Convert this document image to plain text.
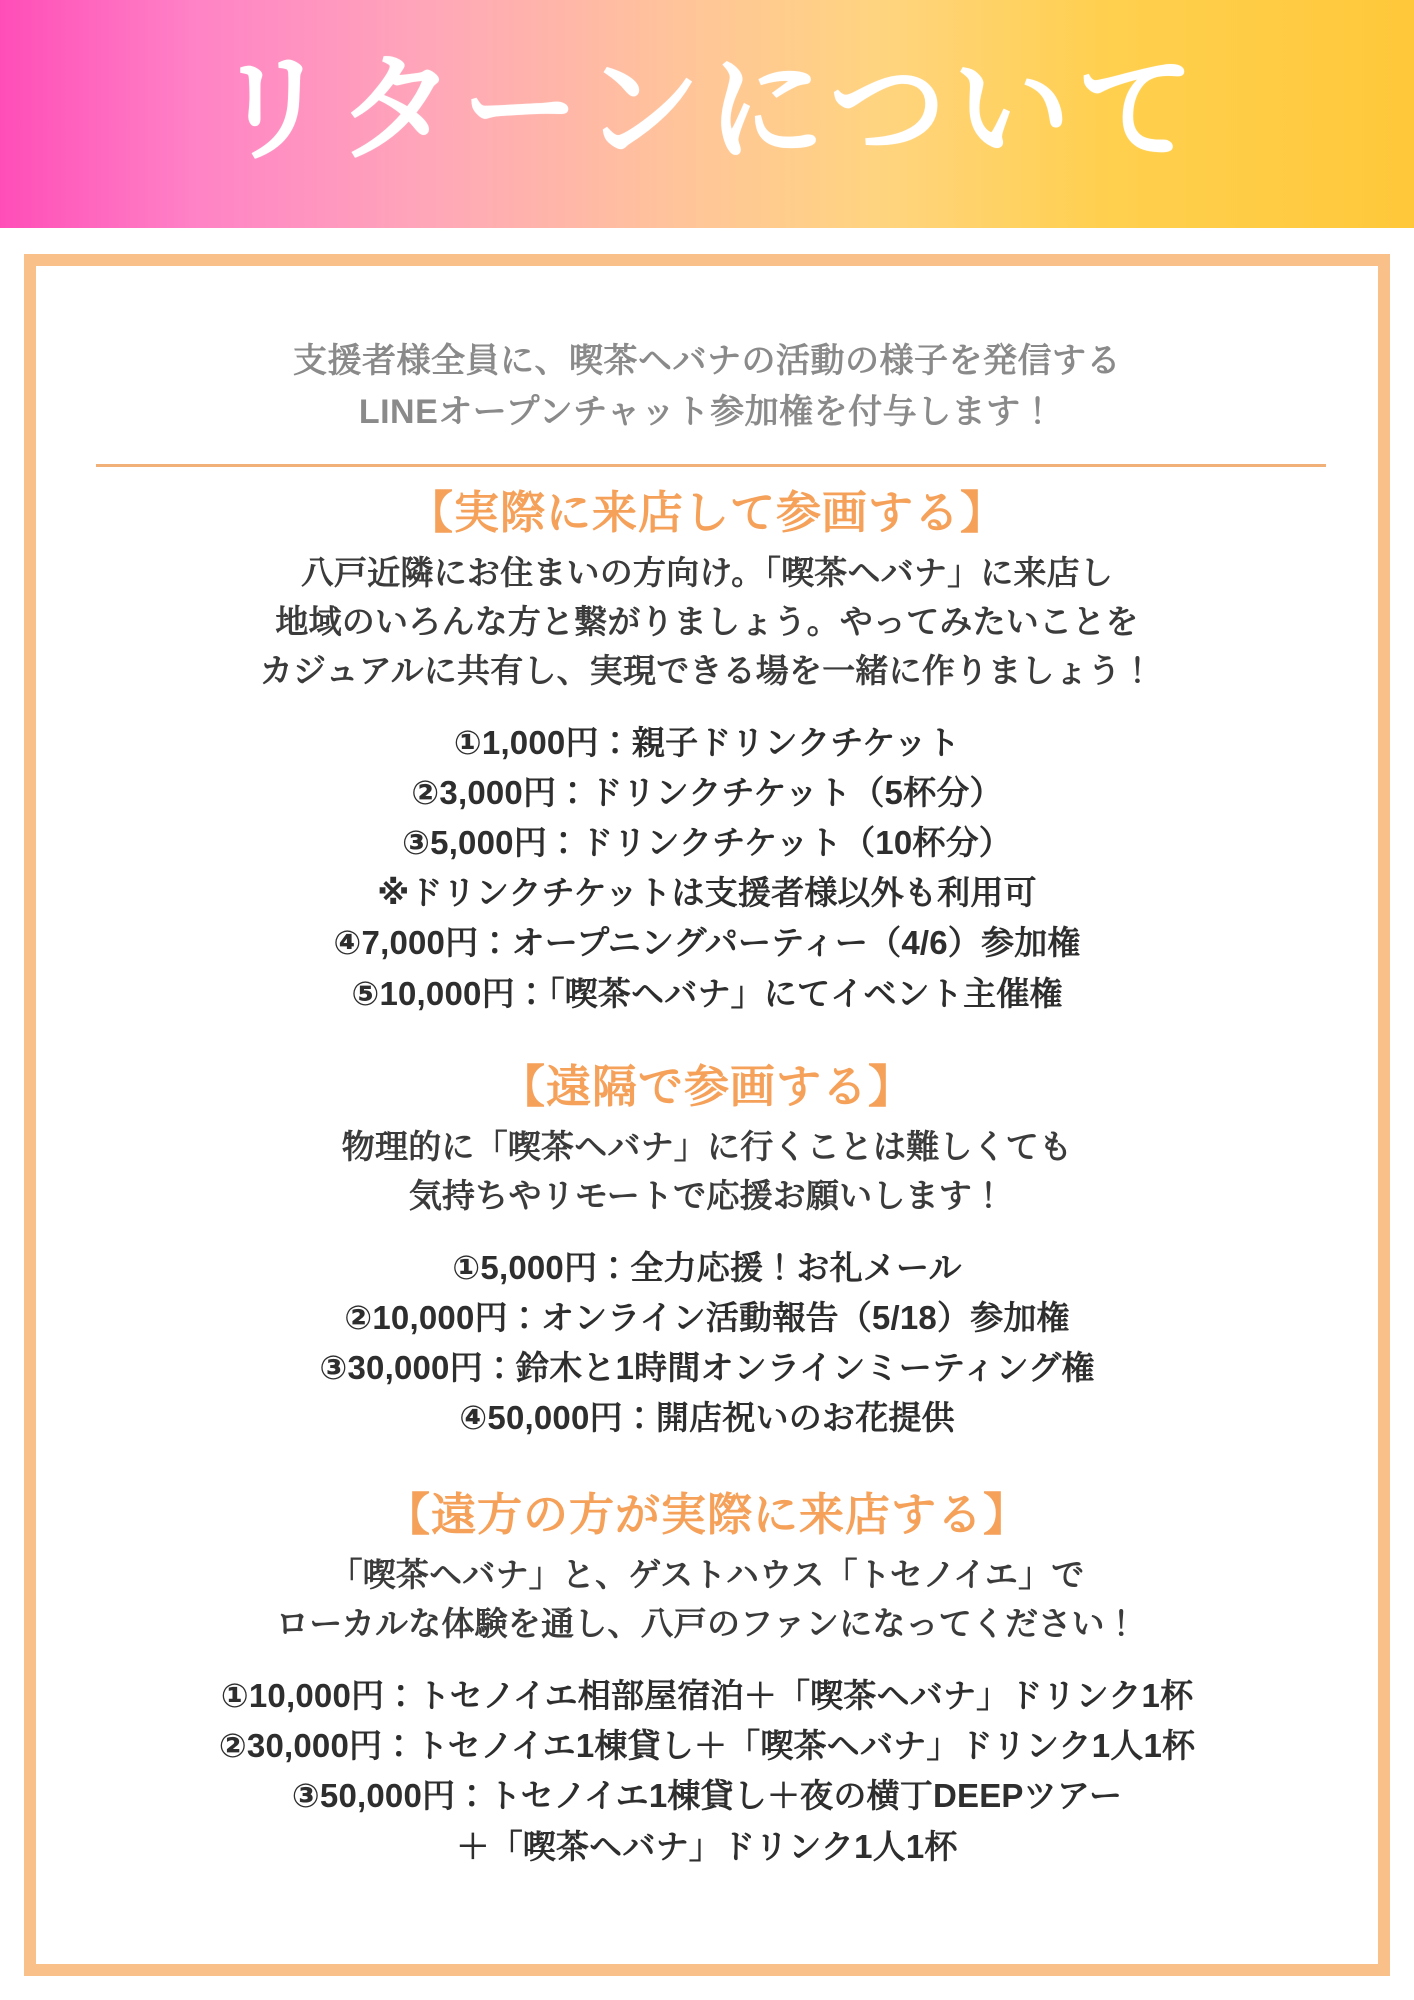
リターンについて
支援者様全員に、喫茶ヘバナの活動の様子を発信する
LINEオープンチャット参加権を付与します！
【実際に来店して参画する】
八戸近隣にお住まいの方向け。「喫茶ヘバナ」に来店し
地域のいろんな方と繋がりましょう。やってみたいことを
カジュアルに共有し、実現できる場を一緒に作りましょう！
①1,000円：親子ドリンクチケット
②3,000円：ドリンクチケット（5杯分）
③5,000円：ドリンクチケット（10杯分）
※ドリンクチケットは支援者様以外も利用可
④7,000円：オープニングパーティー（4/6）参加権
⑤10,000円：「喫茶ヘバナ」にてイベント主催権
【遠隔で参画する】
物理的に「喫茶ヘバナ」に行くことは難しくても
気持ちやリモートで応援お願いします！
①5,000円：全力応援！お礼メール
②10,000円：オンライン活動報告（5/18）参加権
③30,000円：鈴木と1時間オンラインミーティング権
④50,000円：開店祝いのお花提供
【遠方の方が実際に来店する】
「喫茶ヘバナ」と、ゲストハウス「トセノイエ」で
ローカルな体験を通し、八戸のファンになってください！
①10,000円：トセノイエ相部屋宿泊＋「喫茶ヘバナ」ドリンク1杯
②30,000円：トセノイエ1棟貸し＋「喫茶ヘバナ」ドリンク1人1杯
③50,000円：トセノイエ1棟貸し＋夜の横丁DEEPツアー
＋「喫茶ヘバナ」ドリンク1人1杯
